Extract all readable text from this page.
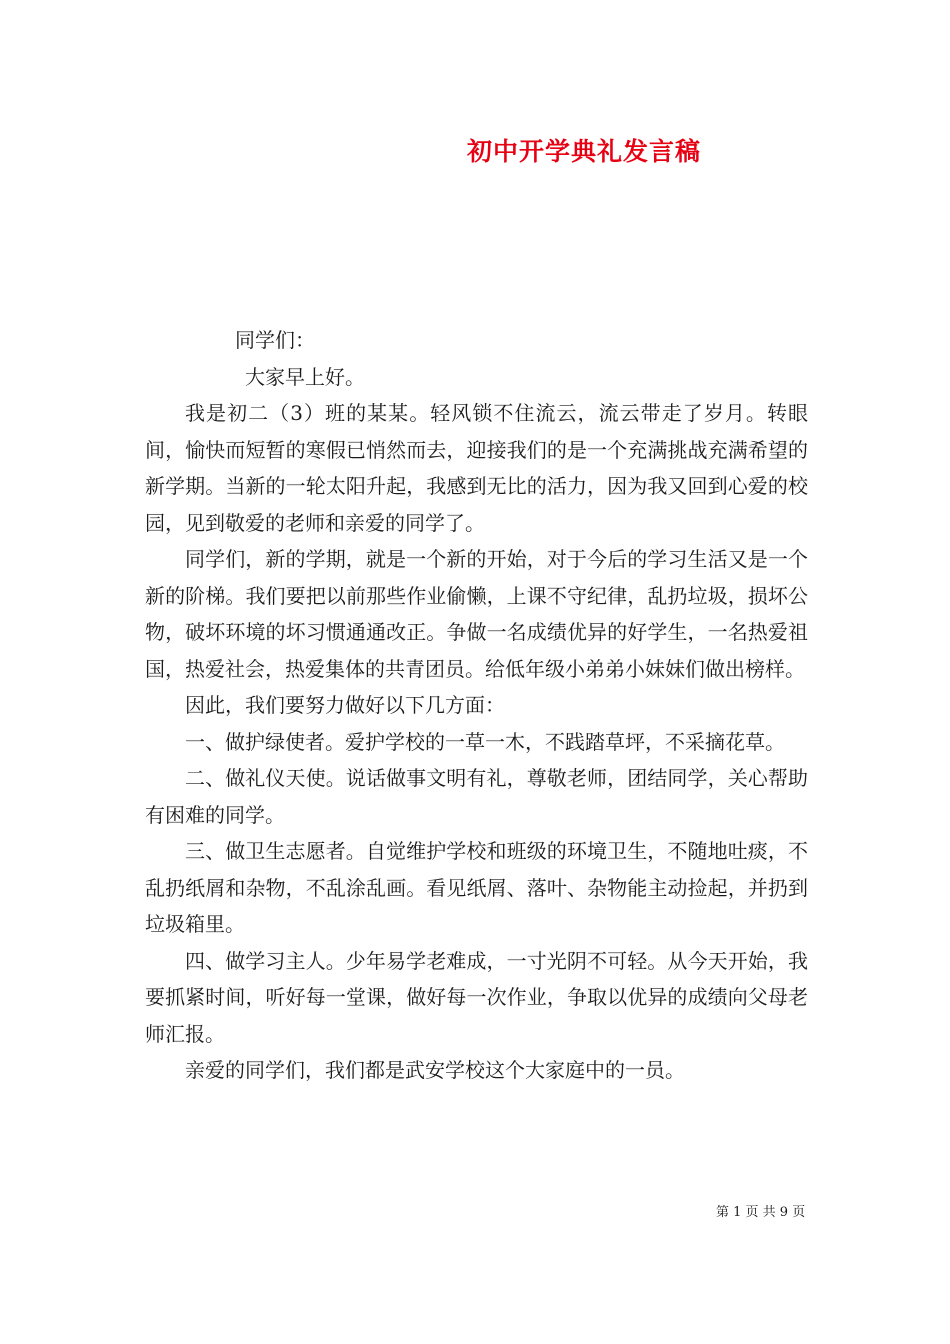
初中开学典礼发言稿

同学们：

大家早上好。

我是初二（3）班的某某。轻风锁不住流云，流云带走了岁月。转眼间，愉快而短暂的寒假已悄然而去，迎接我们的是一个充满挑战充满希望的新学期。当新的一轮太阳升起，我感到无比的活力，因为我又回到心爱的校园，见到敬爱的老师和亲爱的同学了。

同学们，新的学期，就是一个新的开始，对于今后的学习生活又是一个新的阶梯。我们要把以前那些作业偷懒，上课不守纪律，乱扔垃圾，损坏公物，破坏环境的坏习惯通通改正。争做一名成绩优异的好学生，一名热爱祖国，热爱社会，热爱集体的共青团员。给低年级小弟弟小妹妹们做出榜样。

因此，我们要努力做好以下几方面：

一、做护绿使者。爱护学校的一草一木，不践踏草坪，不采摘花草。

二、做礼仪天使。说话做事文明有礼，尊敬老师，团结同学，关心帮助有困难的同学。

三、做卫生志愿者。自觉维护学校和班级的环境卫生，不随地吐痰，不乱扔纸屑和杂物，不乱涂乱画。看见纸屑、落叶、杂物能主动捡起，并扔到垃圾箱里。

四、做学习主人。少年易学老难成，一寸光阴不可轻。从今天开始，我要抓紧时间，听好每一堂课，做好每一次作业，争取以优异的成绩向父母老师汇报。

亲爱的同学们，我们都是武安学校这个大家庭中的一员。

第 1 页 共 9 页
